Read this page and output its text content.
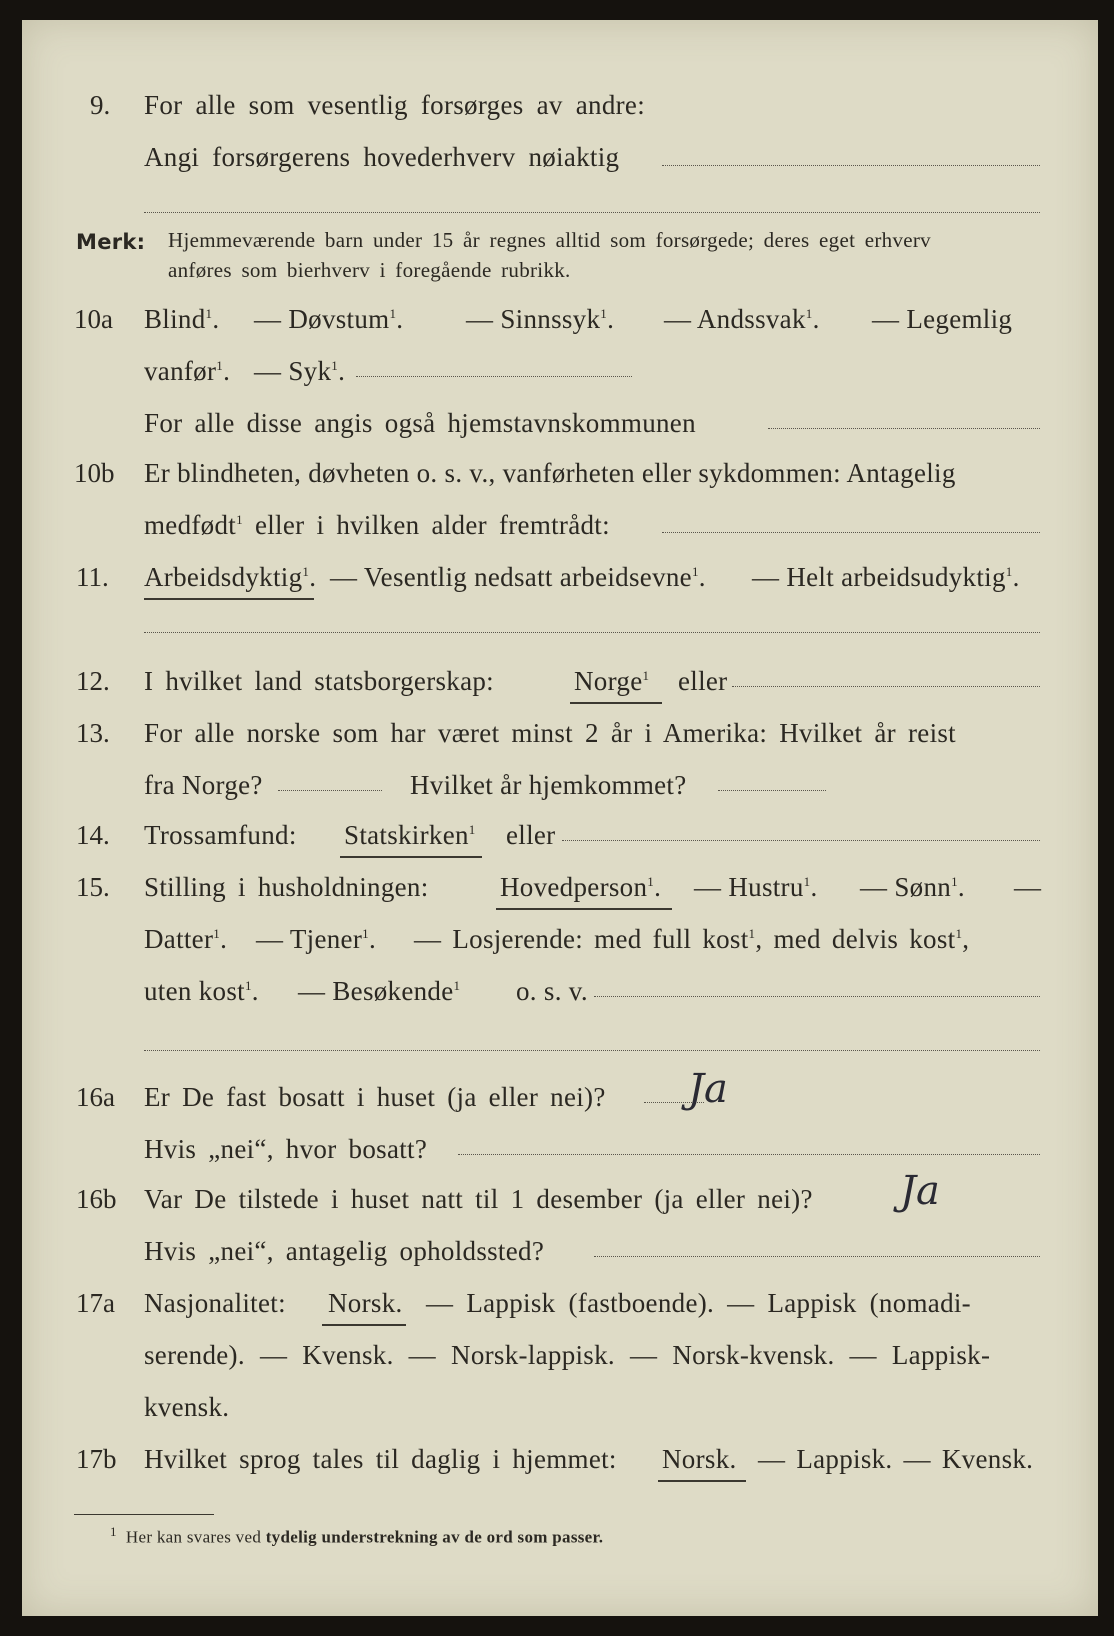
9. For alle som vesentlig forsørges av andre:
Angi forsørgerens hovederhverv nøiaktig
Merk: Hjemmeværende barn under 15 år regnes alltid som forsørgede; deres eget erhverv
anføres som bierhverv i foregående rubrikk.
10a Blind$^1$. — Døvstum$^1$. — Sinnssyk$^1$. — Andssvak$^1$. — Legemlig
vanfør$^1$. — Syk$^1$.
For alle disse angis også hjemstavnskommunen
10b Er blindheten, døvheten o. s. v., vanførheten eller sykdommen: Antagelig
medfødt$^1$ eller i hvilken alder fremtrådt:
11. Arbeidsdyktig$^1$. — Vesentlig nedsatt arbeidsevne$^1$. — Helt arbeidsudyktig$^1$.
12. I hvilket land statsborgerskap:	Norge$^1$ eller
13. For alle norske som har været minst 2 år i Amerika: Hvilket år reist
fra Norge?	Hvilket år hjemkommet?
14. Trossamfund: Statskirken$^1$ eller
15. Stilling i husholdningen:	Hovedperson$^1$. — Hustru$^1$. — Sønn$^1$. —
Datter$^1$. — Tjener$^1$. — Losjerende: med full kost$^1$, med delvis kost$^1$,
uten kost$^1$. — Besøkende$^1$ o. s. v.
16a Er De fast bosatt i huset (ja eller nei)? Ja
Hvis „nei“, hvor bosatt?
16b Var De tilstede i huset natt til 1 desember (ja eller nei)? Ja
Hvis „nei“, antagelig opholdssted?
17a Nasjonalitet: Norsk. — Lappisk (fastboende). — Lappisk (nomadi-
serende). — Kvensk. — Norsk-lappisk. — Norsk-kvensk. — Lappisk-
kvensk.
17b Hvilket sprog tales til daglig i hjemmet: Norsk. — Lappisk. — Kvensk.
$^1$ Her kan svares ved tydelig understrekning av de ord som passer.
